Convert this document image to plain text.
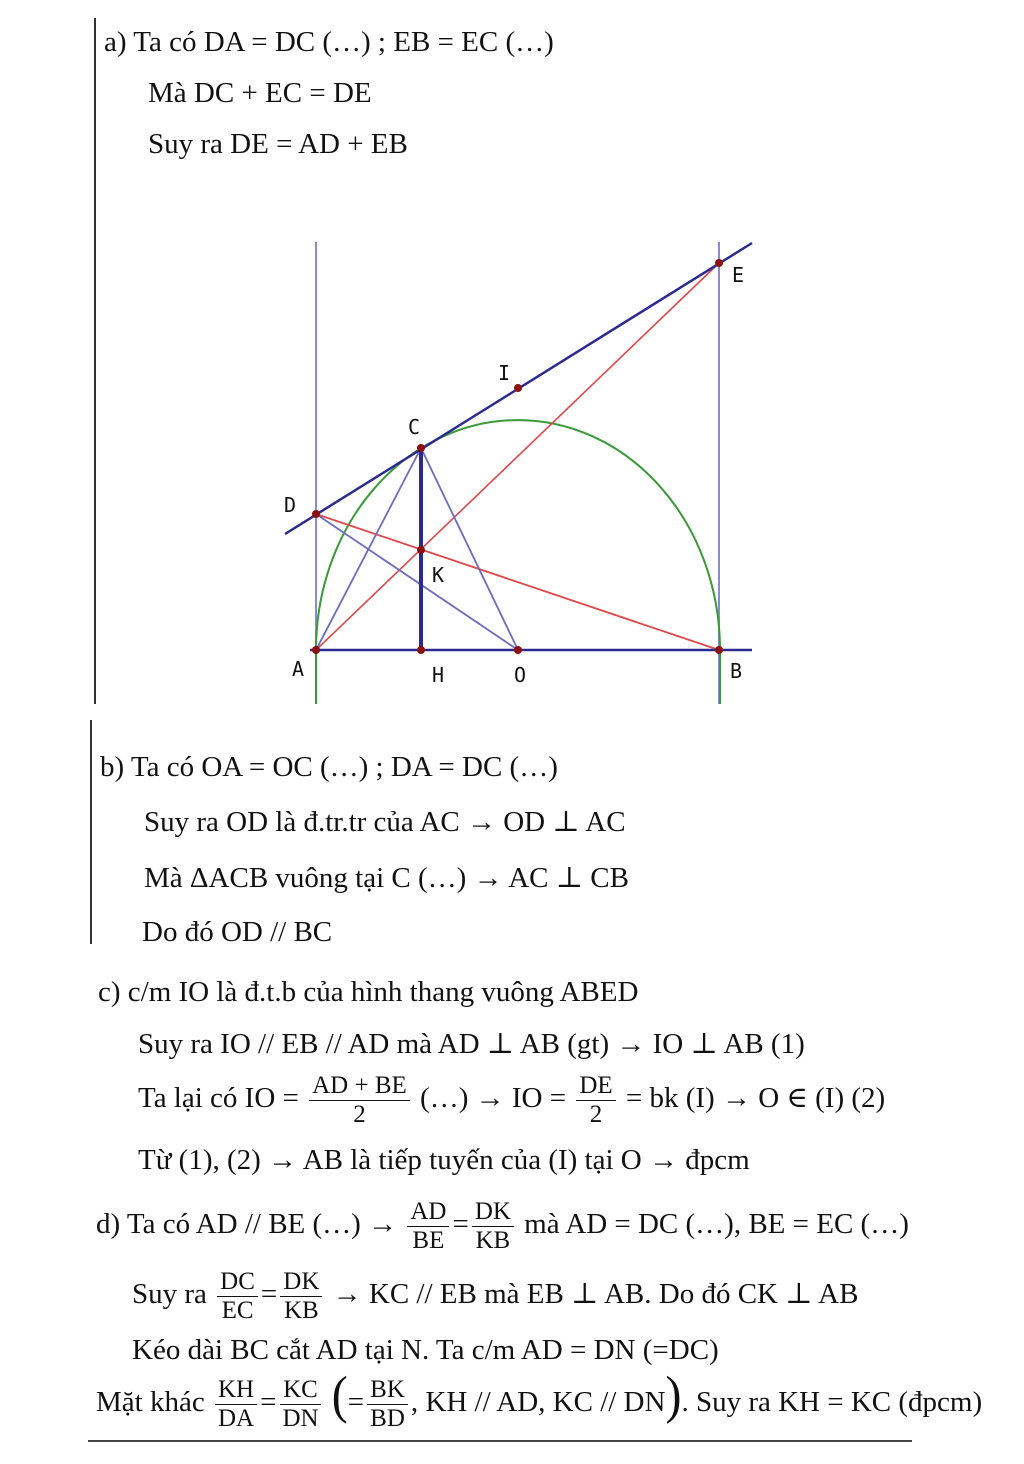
a) Ta có DA = DC (…) ; EB = EC (…)
Mà DC + EC = DE
Suy ra DE = AD + EB
E
I
C
D
K
A	H	O	B
b) Ta có OA = OC (…) ; DA = DC (…)
Suy ra OD là đ.tr.tr của AC → OD ⊥ AC
Mà ΔACB vuông tại C (…) → AC ⊥ CB
Do đó OD // BC
c) c/m IO là đ.t.b của hình thang vuông ABED
Suy ra IO // EB // AD mà AD ⊥ AB (gt) → IO ⊥ AB (1)
Ta lại có IO = $\frac{AD + BE}{2}$ (…) → IO = $\frac{DE}{2}$ = bk (I) → O ∈ (I) (2)
Từ (1), (2) → AB là tiếp tuyến của (I) tại O → đpcm
d) Ta có AD // BE (…) → $\frac{AD}{BE} = \frac{DK}{KB}$ mà AD = DC (…), BE = EC (…)
Suy ra $\frac{DC}{EC} = \frac{DK}{KB}$ → KC // EB mà EB ⊥ AB. Do đó CK ⊥ AB
Kéo dài BC cắt AD tại N. Ta c/m AD = DN (=DC)
Mặt khác $\frac{KH}{DA} = \frac{KC}{DN}$ (= $\frac{BK}{BD}$ , KH // AD, KC // DN). Suy ra KH = KC (đpcm)
